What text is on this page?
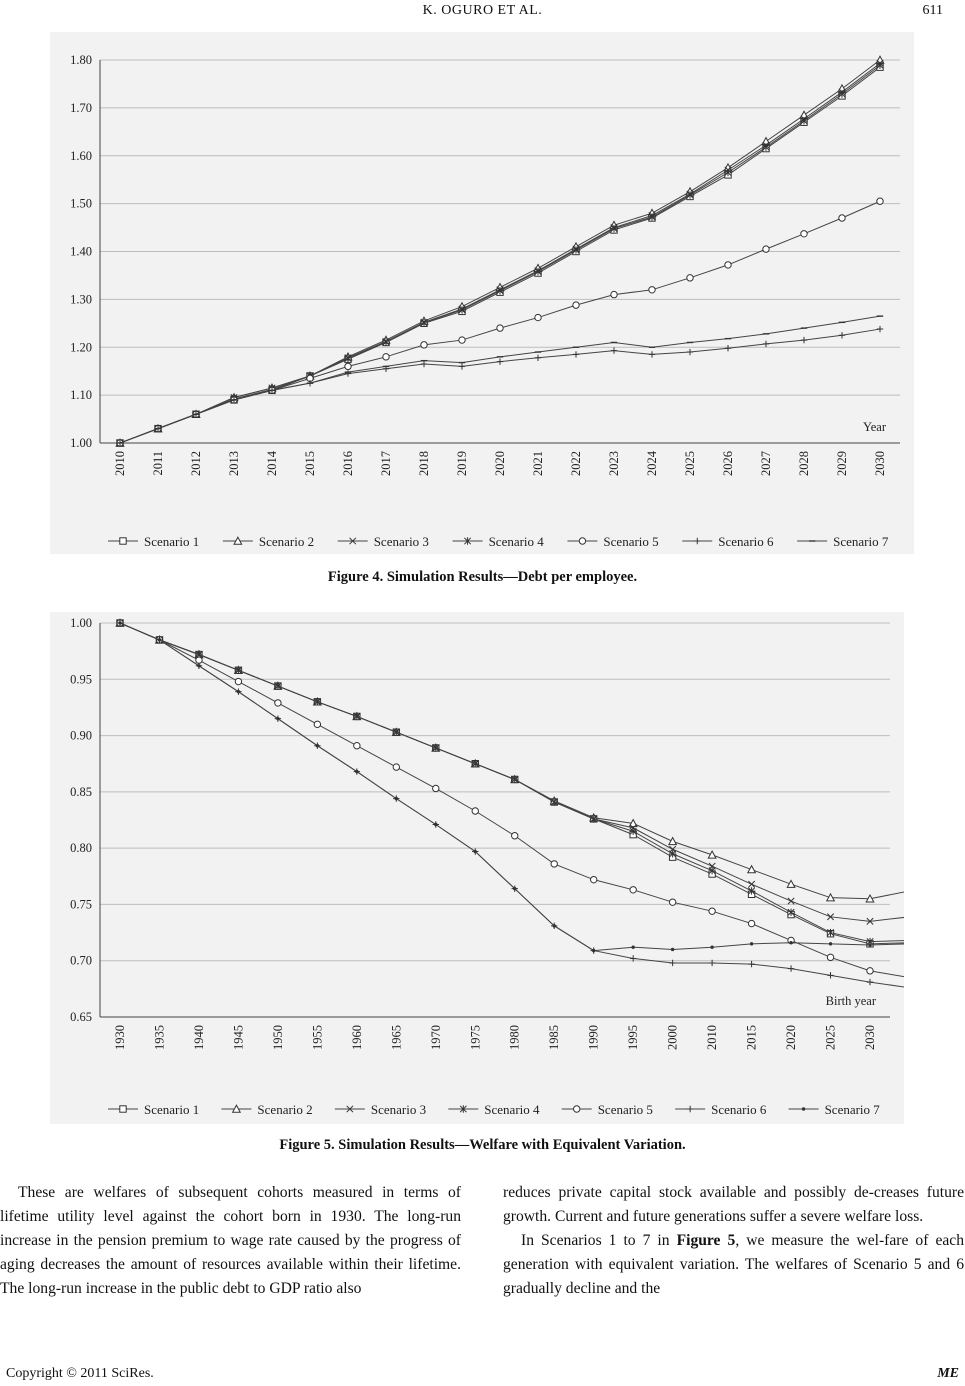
K. OGURO ET AL.	611
1.00
1.10
1.20
1.30
1.40
1.50
1.60
1.70
1.80
2010 2011 2012 2013 2014 2015 2016 2017 2018 2019 2020 2021 2022 2023 2024 2025 2026 2027 2028 2029 2030
Year
Scenario 1	Scenario 2	Scenario 3	Scenario 4	Scenario 5	Scenario 6	Scenario 7
Figure 4. Simulation Results―Debt per employee.
0.65
0.70
0.75
0.80
0.85
0.90
0.95
1.00
1930 1935 1940 1945 1950 1955 1960 1965 1970 1975 1980 1985 1990 1995 2000 2010 2015 2020 2025 2030
Birth year
Scenario 1	Scenario 2	Scenario 3	Scenario 4	Scenario 5	Scenario 6	Scenario 7
Figure 5. Simulation Results―Welfare with Equivalent Variation.

These are welfares of subsequent cohorts measured in terms of lifetime utility level against the cohort born in 1930. The long-run increase in the pension premium to wage rate caused by the progress of aging decreases the amount of resources available within their lifetime. The long-run increase in the public debt to GDP ratio also

reduces private capital stock available and possibly de-creases future growth. Current and future generations suffer a severe welfare loss.

In Scenarios 1 to 7 in Figure 5, we measure the wel-fare of each generation with equivalent variation. The welfares of Scenario 5 and 6 gradually decline and the

Copyright © 2011 SciRes.	ME
